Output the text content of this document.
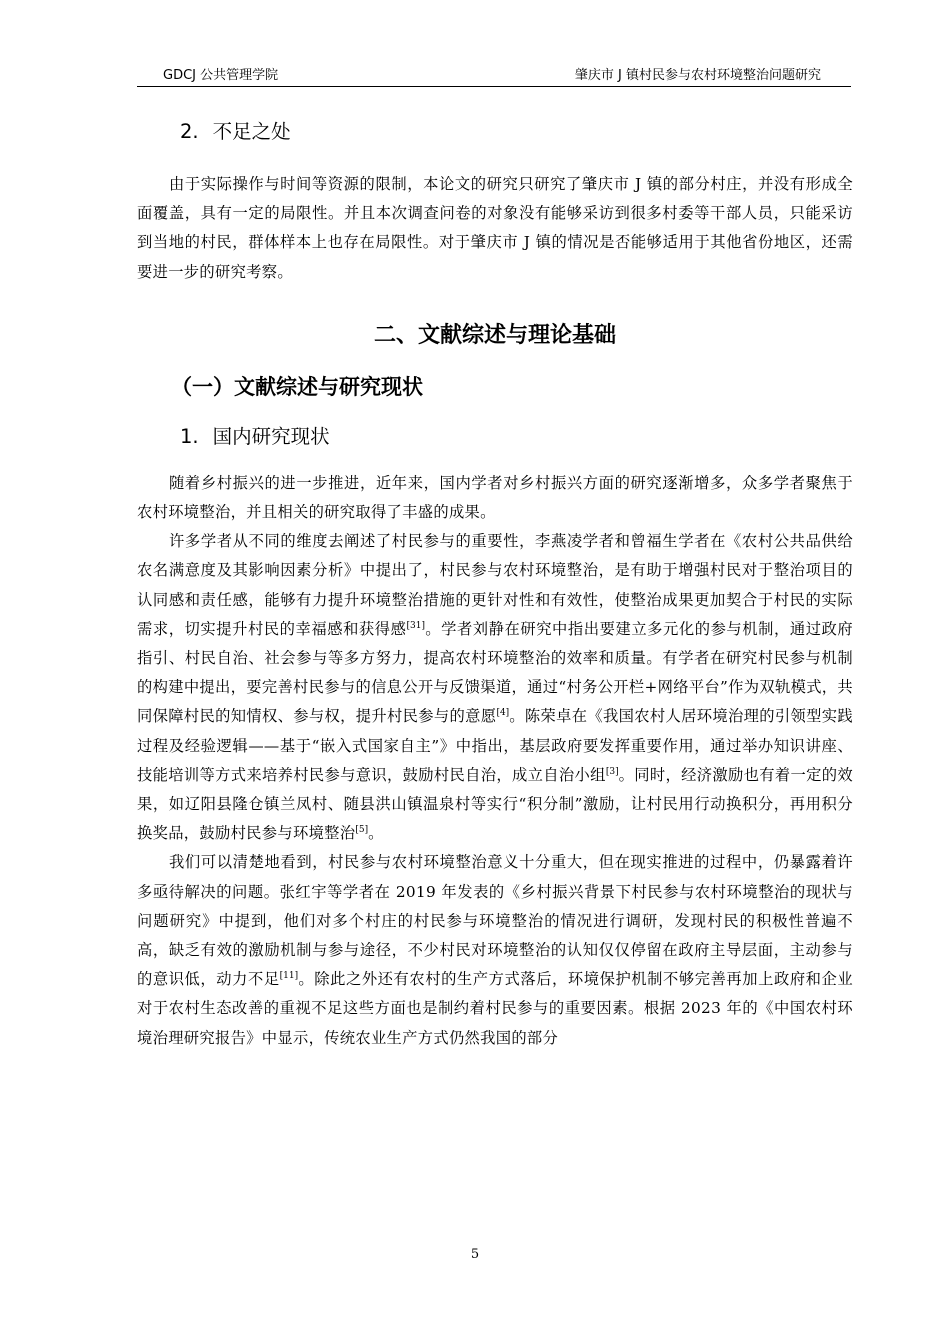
GDCJ 公共管理学院	肇庆市 J 镇村民参与农村环境整治问题研究
2. 不足之处

由于实际操作与时间等资源的限制，本论文的研究只研究了肇庆市 J 镇的部分村庄，并没有形成全面覆盖，具有一定的局限性。并且本次调查问卷的对象没有能够采访到很多村委等干部人员，只能采访到当地的村民，群体样本上也存在局限性。对于肇庆市 J 镇的情况是否能够适用于其他省份地区，还需要进一步的研究考察。

二、文献综述与理论基础
（一）文献综述与研究现状
1. 国内研究现状

随着乡村振兴的进一步推进，近年来，国内学者对乡村振兴方面的研究逐渐增多，众多学者聚焦于农村环境整治，并且相关的研究取得了丰盛的成果。

许多学者从不同的维度去阐述了村民参与的重要性，李燕凌学者和曾福生学者在《农村公共品供给农名满意度及其影响因素分析》中提出了，村民参与农村环境整治，是有助于增强村民对于整治项目的认同感和责任感，能够有力提升环境整治措施的更针对性和有效性，使整治成果更加契合于村民的实际需求，切实提升村民的幸福感和获得感[31]。学者刘静在研究中指出要建立多元化的参与机制，通过政府指引、村民自治、社会参与等多方努力，提高农村环境整治的效率和质量。有学者在研究村民参与机制的构建中提出，要完善村民参与的信息公开与反馈渠道，通过“村务公开栏+网络平台”作为双轨模式，共同保障村民的知情权、参与权，提升村民参与的意愿[4]。陈荣卓在《我国农村人居环境治理的引领型实践过程及经验逻辑——基于“嵌入式国家自主”》中指出，基层政府要发挥重要作用，通过举办知识讲座、技能培训等方式来培养村民参与意识，鼓励村民自治，成立自治小组[3]。同时，经济激励也有着一定的效果，如辽阳县隆仓镇兰凤村、随县洪山镇温泉村等实行“积分制”激励，让村民用行动换积分，再用积分换奖品，鼓励村民参与环境整治[5]。

我们可以清楚地看到，村民参与农村环境整治意义十分重大，但在现实推进的过程中，仍暴露着许多亟待解决的问题。张红宇等学者在 2019 年发表的《乡村振兴背景下村民参与农村环境整治的现状与问题研究》中提到，他们对多个村庄的村民参与环境整治的情况进行调研，发现村民的积极性普遍不高，缺乏有效的激励机制与参与途径，不少村民对环境整治的认知仅仅停留在政府主导层面，主动参与的意识低，动力不足[11]。除此之外还有农村的生产方式落后，环境保护机制不够完善再加上政府和企业对于农村生态改善的重视不足这些方面也是制约着村民参与的重要因素。根据 2023 年的《中国农村环境治理研究报告》中显示，传统农业生产方式仍然我国的部分

5
